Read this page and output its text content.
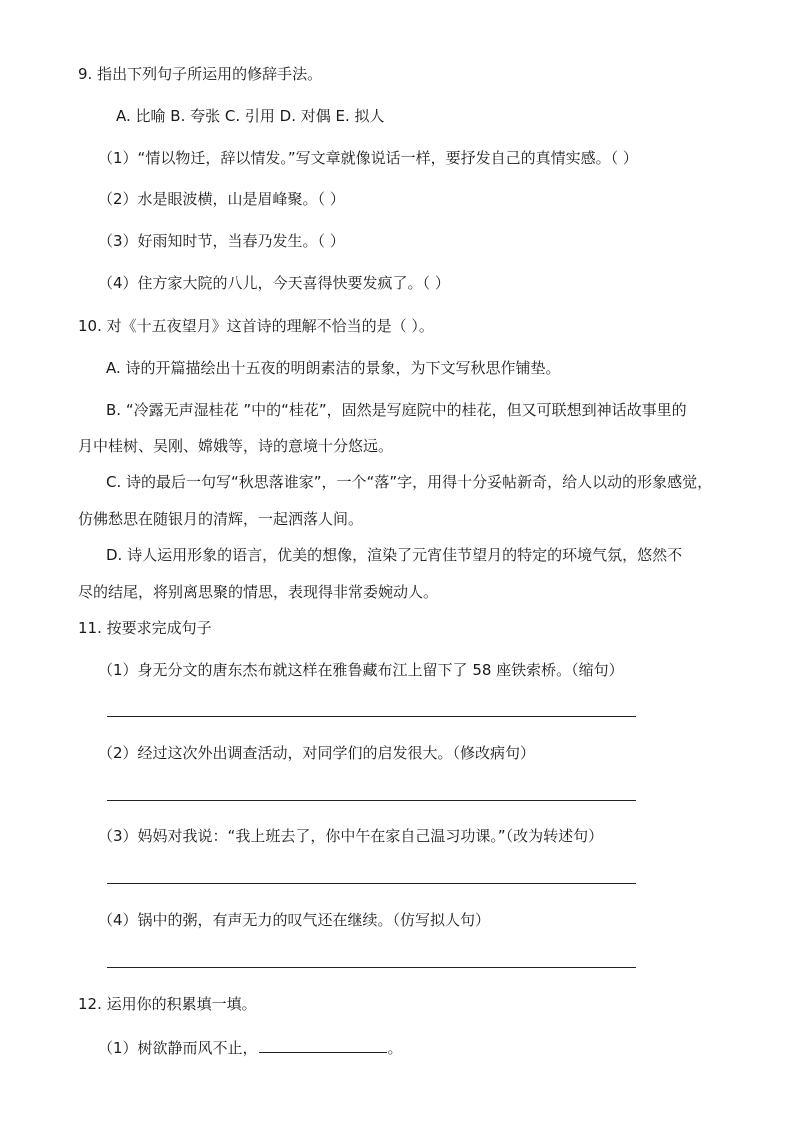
9. 指出下列句子所运用的修辞手法。
A. 比喻 B. 夸张 C. 引用 D. 对偶 E. 拟人
（1）“情以物迁，辞以情发。”写文章就像说话一样，要抒发自己的真情实感。（ ）
（2）水是眼波横，山是眉峰聚。（ ）
（3）好雨知时节，当春乃发生。（ ）
（4）住方家大院的八儿，今天喜得快要发疯了。（ ）
10. 对《十五夜望月》这首诗的理解不恰当的是（ ）。
A. 诗的开篇描绘出十五夜的明朗素洁的景象，为下文写秋思作铺垫。
B. “冷露无声湿桂花 ”中的“桂花”，固然是写庭院中的桂花，但又可联想到神话故事里的
月中桂树、吴刚、嫦娥等，诗的意境十分悠远。
C. 诗的最后一句写“秋思落谁家”，一个“落”字，用得十分妥帖新奇，给人以动的形象感觉，
仿佛愁思在随银月的清辉，一起洒落人间。
D. 诗人运用形象的语言，优美的想像，渲染了元宵佳节望月的特定的环境气氛，悠然不
尽的结尾，将别离思聚的情思，表现得非常委婉动人。
11. 按要求完成句子
（1）身无分文的唐东杰布就这样在雅鲁藏布江上留下了 58 座铁索桥。（缩句）
（2）经过这次外出调查活动，对同学们的启发很大。（修改病句）
（3）妈妈对我说：“我上班去了，你中午在家自己温习功课。”（改为转述句）
（4）锅中的粥，有声无力的叹气还在继续。（仿写拟人句）
12. 运用你的积累填一填。
（1）树欲静而风不止，	。
